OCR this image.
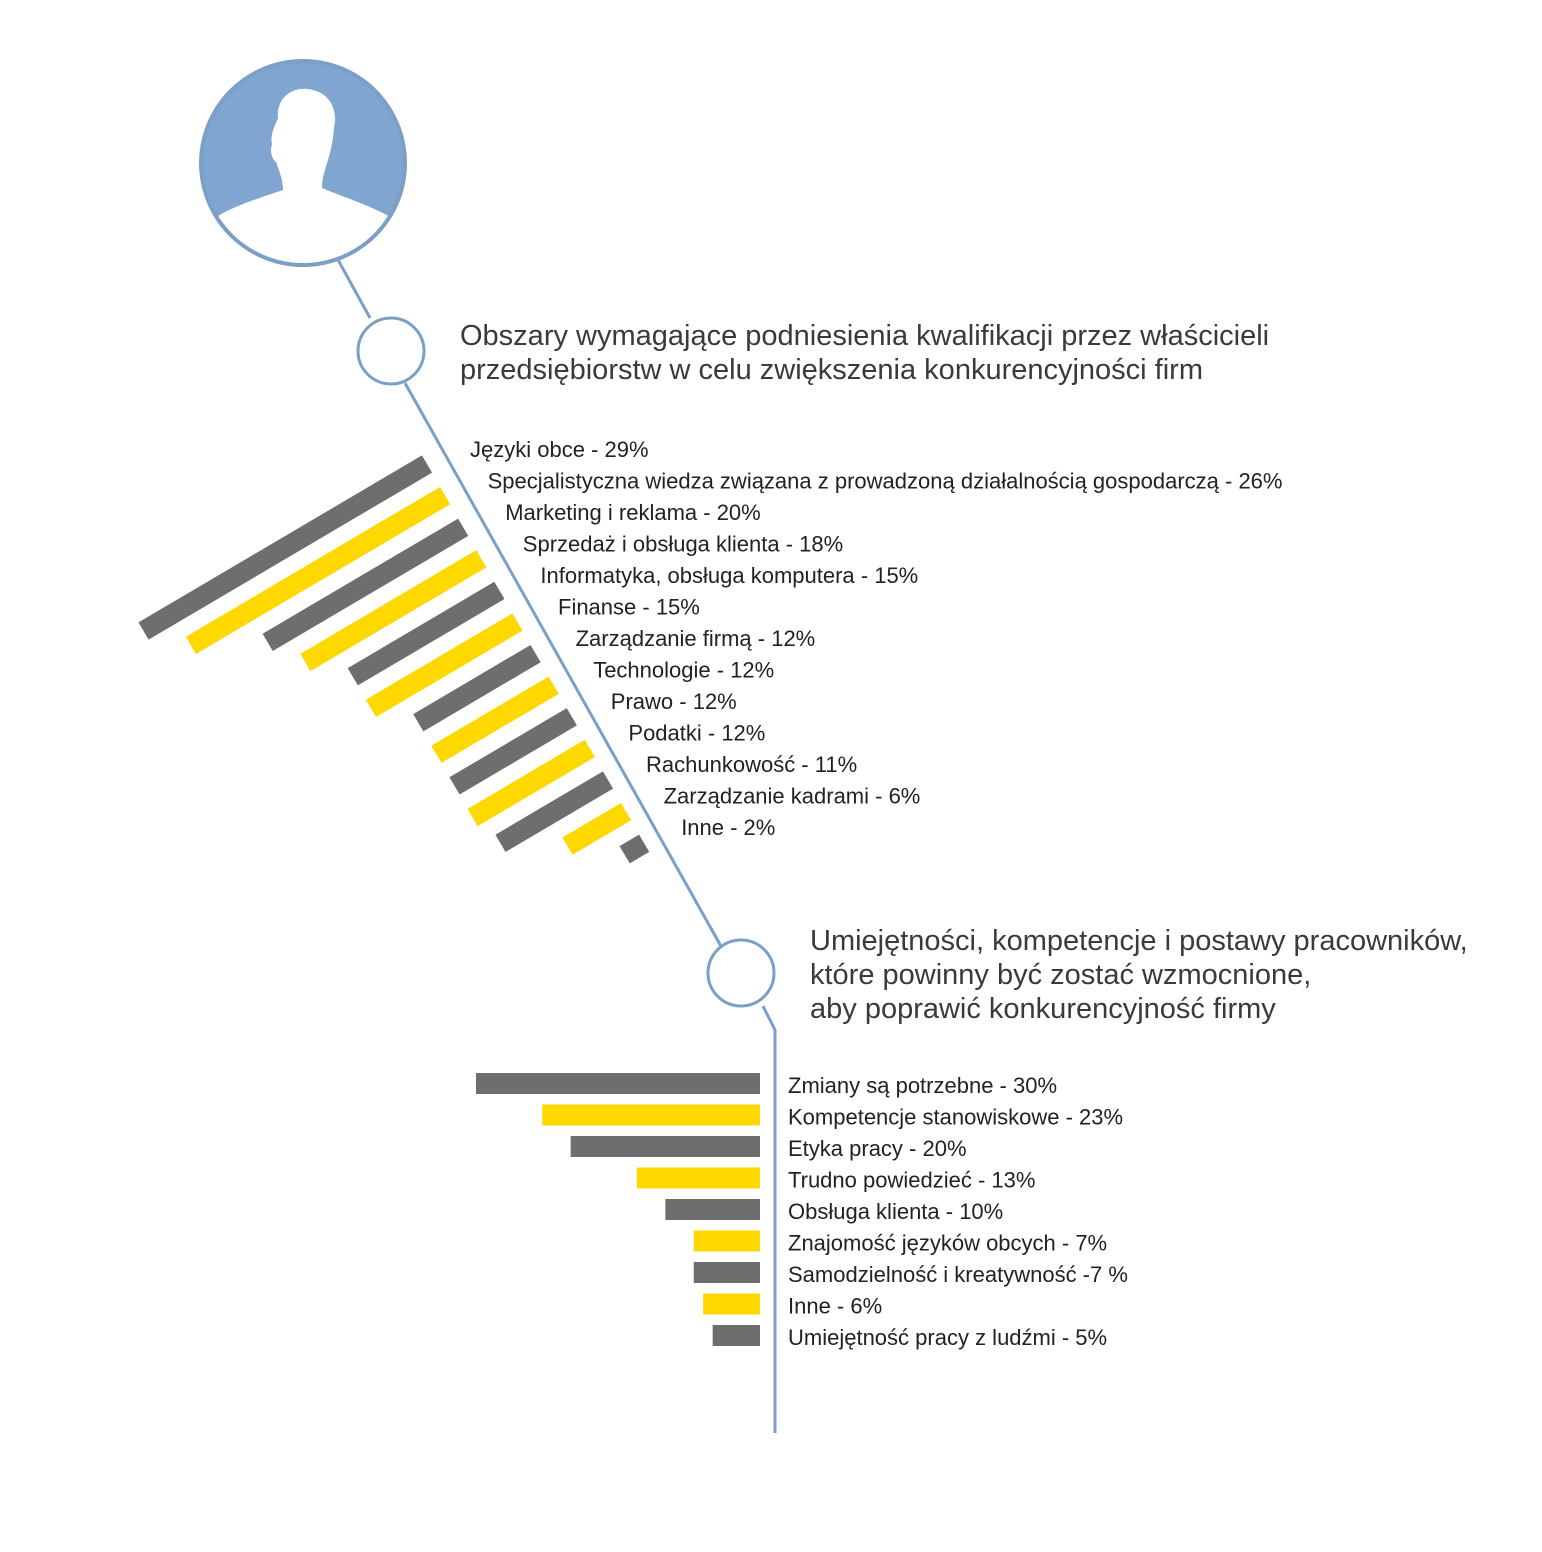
Obszary wymagające podniesienia kwalifikacji przez właścicieli przedsiębiorstw w celu zwiększenia konkurencyjności firm
Umiejętności, kompetencje i postawy pracowników, które powinny być zostać wzmocnione, aby poprawić konkurencyjność firmy
Języki obce - 29%
Specjalistyczna wiedza związana z prowadzoną działalnością gospodarczą - 26%
Marketing i reklama - 20%
Sprzedaż i obsługa klienta - 18%
Informatyka, obsługa komputera - 15%
Finanse - 15%
Zarządzanie firmą - 12%
Technologie - 12%
Prawo - 12%
Podatki - 12%
Rachunkowość - 11%
Zarządzanie kadrami - 6%
Inne - 2%
Zmiany są potrzebne - 30%
Kompetencje stanowiskowe - 23%
Etyka pracy - 20%
Trudno powiedzieć - 13%
Obsługa klienta - 10%
Znajomość języków obcych - 7%
Samodzielność i kreatywność -7 %
Inne - 6%
Umiejętność pracy z ludźmi - 5%
